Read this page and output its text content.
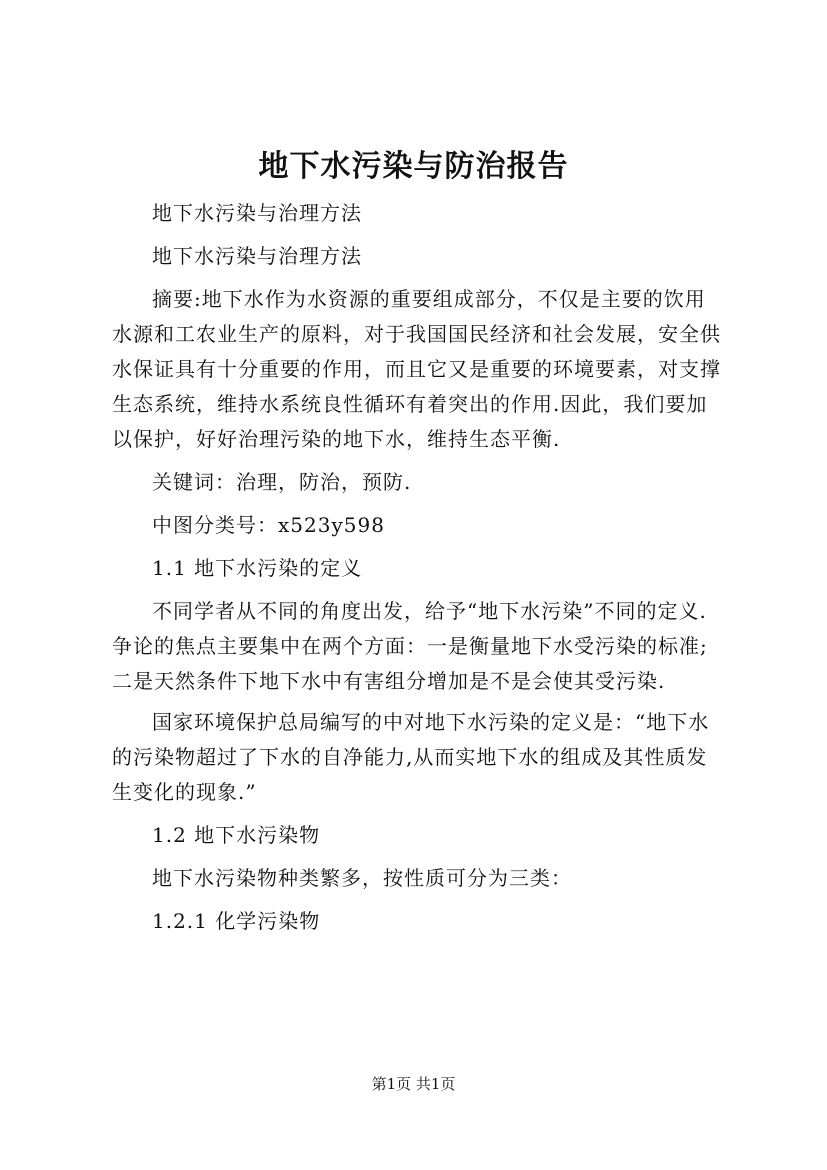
地下水污染与防治报告

地下水污染与治理方法

地下水污染与治理方法

摘要:地下水作为水资源的重要组成部分，不仅是主要的饮用水源和工农业生产的原料，对于我国国民经济和社会发展，安全供水保证具有十分重要的作用，而且它又是重要的环境要素，对支撑生态系统，维持水系统良性循环有着突出的作用.因此，我们要加以保护，好好治理污染的地下水，维持生态平衡.

关键词：治理，防治，预防.

中图分类号：x523y598

1.1 地下水污染的定义

不同学者从不同的角度出发，给予“地下水污染”不同的定义.争论的焦点主要集中在两个方面：一是衡量地下水受污染的标准;二是天然条件下地下水中有害组分增加是不是会使其受污染.

国家环境保护总局编写的中对地下水污染的定义是：“地下水的污染物超过了下水的自净能力,从而实地下水的组成及其性质发生变化的现象.”

1.2 地下水污染物

地下水污染物种类繁多，按性质可分为三类：

1.2.1 化学污染物

第1页 共1页
